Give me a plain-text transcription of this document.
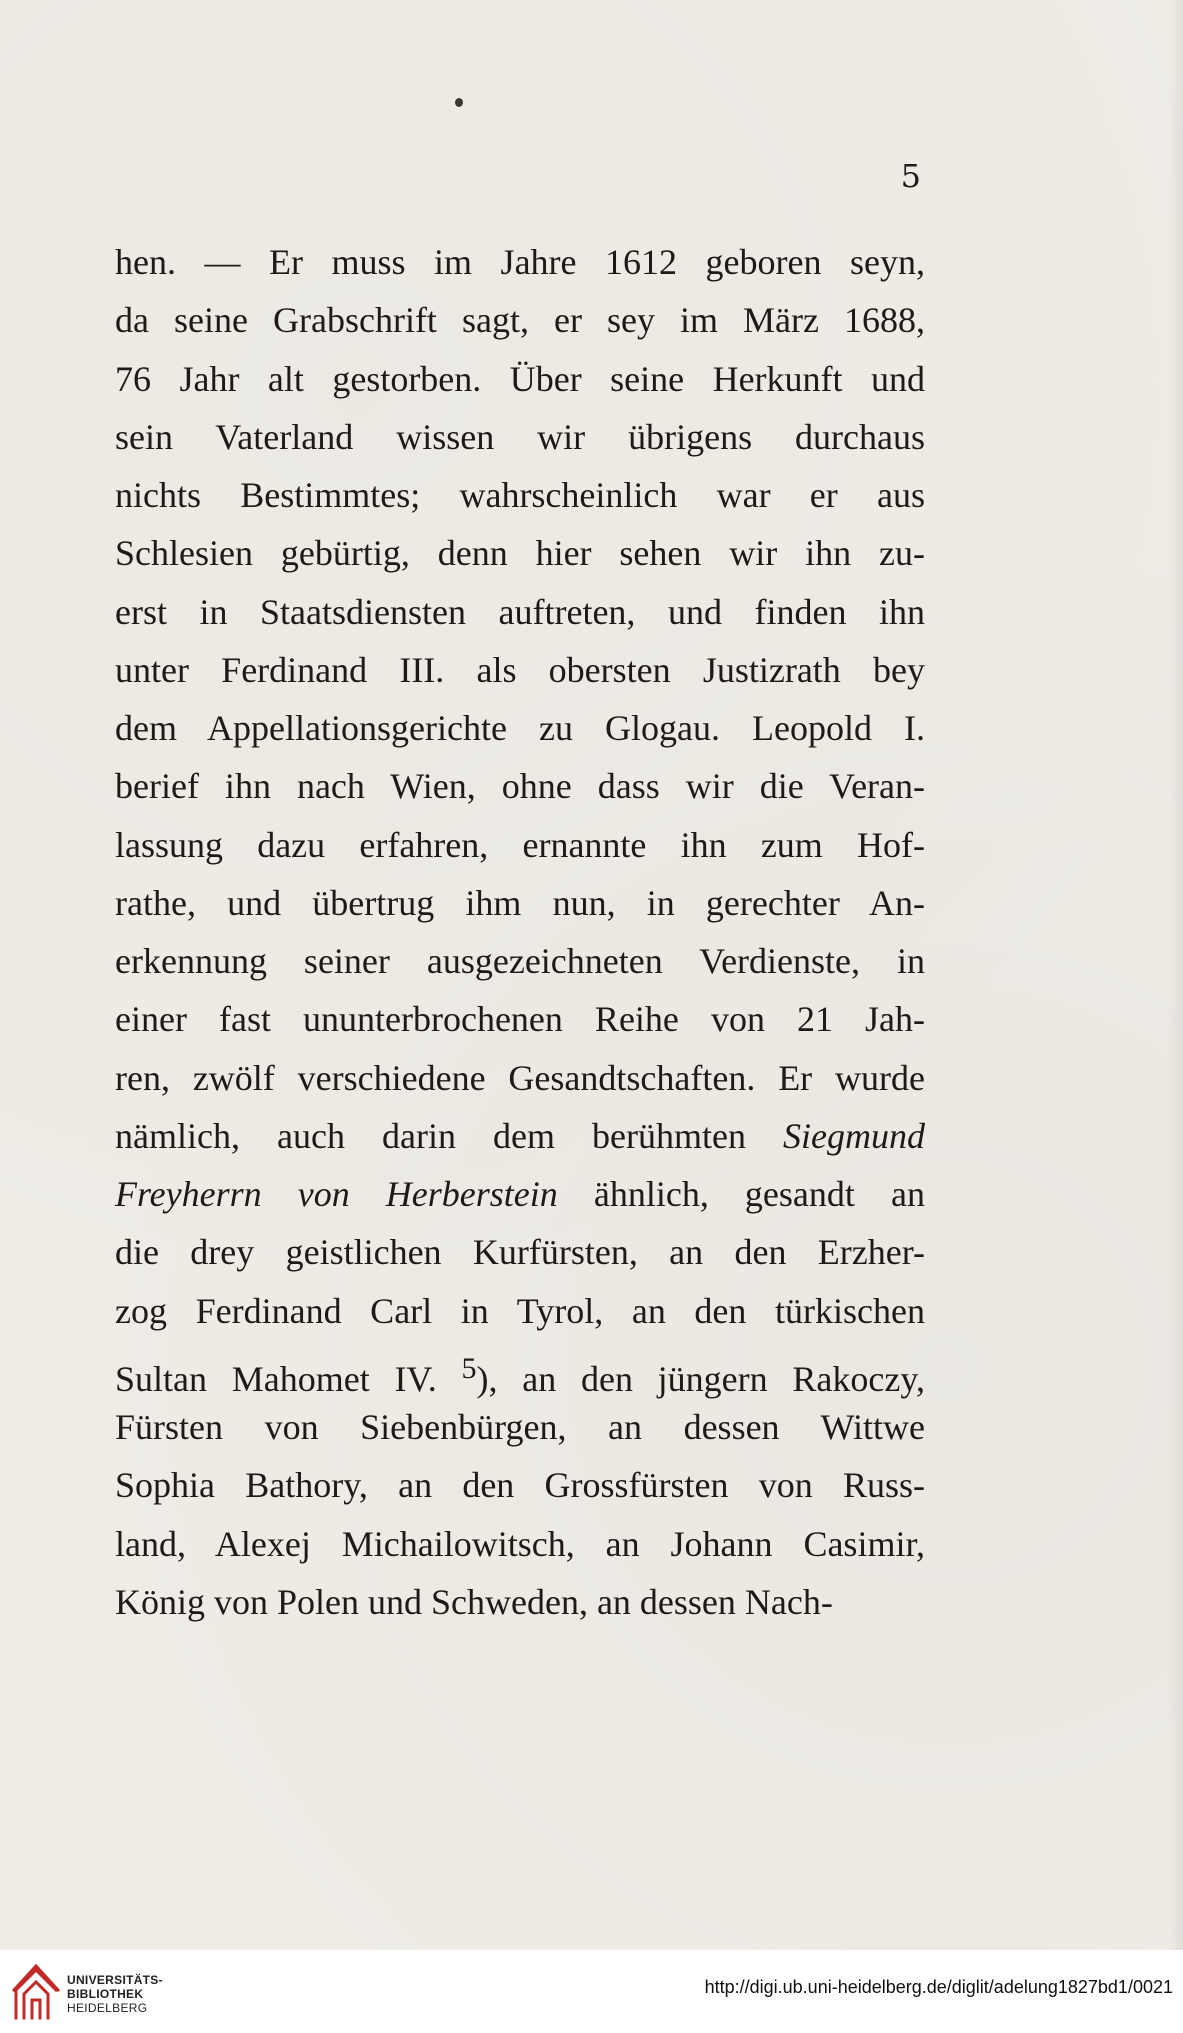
5

hen. — Er muss im Jahre 1612 geboren seyn,

da seine Grabschrift sagt, er sey im März 1688,

76 Jahr alt gestorben. Über seine Herkunft und

sein Vaterland wissen wir übrigens durchaus

nichts Bestimmtes; wahrscheinlich war er aus

Schlesien gebürtig, denn hier sehen wir ihn zu-

erst in Staatsdiensten auftreten, und finden ihn

unter Ferdinand III. als obersten Justizrath bey

dem Appellationsgerichte zu Glogau. Leopold I.

berief ihn nach Wien, ohne dass wir die Veran-

lassung dazu erfahren, ernannte ihn zum Hof-

rathe, und übertrug ihm nun, in gerechter An-

erkennung seiner ausgezeichneten Verdienste, in

einer fast ununterbrochenen Reihe von 21 Jah-

ren, zwölf verschiedene Gesandtschaften. Er wurde

nämlich, auch darin dem berühmten Siegmund

Freyherrn von Herberstein ähnlich, gesandt an

die drey geistlichen Kurfürsten, an den Erzher-

zog Ferdinand Carl in Tyrol, an den türkischen

Sultan Mahomet IV. $^5$), an den jüngern Rakoczy,

Fürsten von Siebenbürgen, an dessen Wittwe

Sophia Bathory, an den Grossfürsten von Russ-

land, Alexej Michailowitsch, an Johann Casimir,

König von Polen und Schweden, an dessen Nach-

UNIVERSITÄTS-
BIBLIOTHEK
HEIDELBERG
http://digi.ub.uni-heidelberg.de/diglit/adelung1827bd1/0021
